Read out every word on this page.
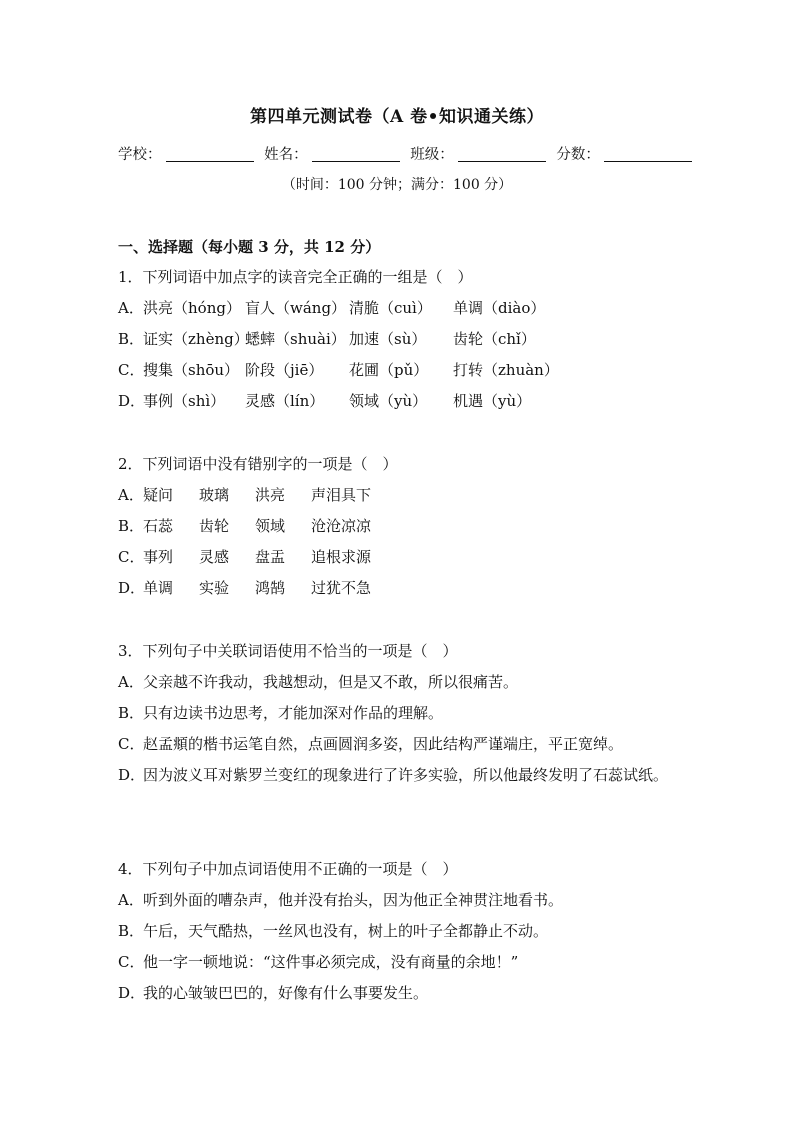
第四单元测试卷（A 卷•知识通关练）
学校：	姓名：	班级：	分数：
（时间：100 分钟；满分：100 分）
一、选择题（每小题 3 分，共 12 分）
1．下列词语中加点字的读音完全正确的一组是（　）
A．洪亮（hóng） 盲人（wáng） 清脆（cuì） 单调（diào）
B．证实（zhèng）蟋蟀（shuài） 加速（sù） 齿轮（chǐ）
C．搜集（shōu） 阶段（jiē） 花圃（pǔ） 打转（zhuàn）
D．事例（shì） 灵感（lín） 领域（yù） 机遇（yù）
2．下列词语中没有错别字的一项是（　）
A．疑问 玻璃 洪亮 声泪具下
B．石蕊 齿轮 领域 沧沧凉凉
C．事列 灵感 盘盂 追根求源
D．单调 实验 鸿鹄 过犹不急
3．下列句子中关联词语使用不恰当的一项是（　）
A．父亲越不许我动，我越想动，但是又不敢，所以很痛苦。
B．只有边读书边思考，才能加深对作品的理解。
C．赵孟頫的楷书运笔自然，点画圆润多姿，因此结构严谨端庄，平正宽绰。
D．因为波义耳对紫罗兰变红的现象进行了许多实验，所以他最终发明了石蕊试纸。
4．下列句子中加点词语使用不正确的一项是（　）
A．听到外面的嘈杂声，他并没有抬头，因为他正全神贯注地看书。
B．午后，天气酷热，一丝风也没有，树上的叶子全都静止不动。
C．他一字一顿地说：“这件事必须完成，没有商量的余地！”
D．我的心皱皱巴巴的，好像有什么事要发生。
